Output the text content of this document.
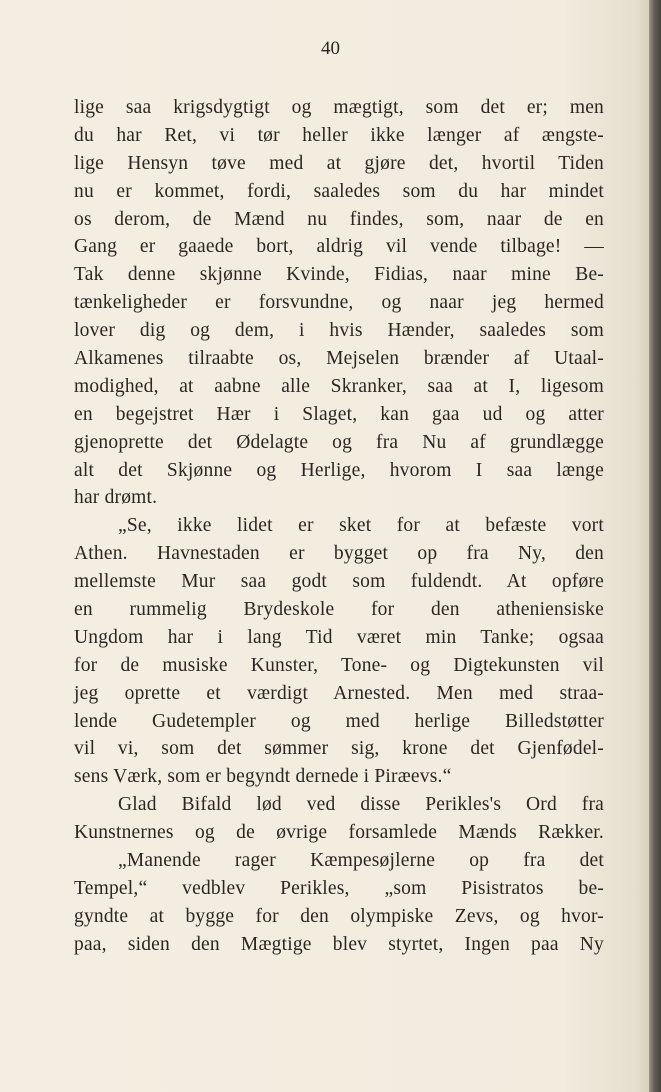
40
lige saa krigsdygtigt og mægtigt, som det er; men
du har Ret, vi tør heller ikke længer af ængste-
lige Hensyn tøve med at gjøre det, hvortil Tiden
nu er kommet, fordi, saaledes som du har mindet
os derom, de Mænd nu findes, som, naar de en
Gang er gaaede bort, aldrig vil vende tilbage! —
Tak denne skjønne Kvinde, Fidias, naar mine Be-
tænkeligheder er forsvundne, og naar jeg hermed
lover dig og dem, i hvis Hænder, saaledes som
Alkamenes tilraabte os, Mejselen brænder af Utaal-
modighed, at aabne alle Skranker, saa at I, ligesom
en begejstret Hær i Slaget, kan gaa ud og atter
gjenoprette det Ødelagte og fra Nu af grundlægge
alt det Skjønne og Herlige, hvorom I saa længe
har drømt.
„Se, ikke lidet er sket for at befæste vort
Athen. Havnestaden er bygget op fra Ny, den
mellemste Mur saa godt som fuldendt. At opføre
en rummelig Brydeskole for den atheniensiske
Ungdom har i lang Tid været min Tanke; ogsaa
for de musiske Kunster, Tone- og Digtekunsten vil
jeg oprette et værdigt Arnested. Men med straa-
lende Gudetempler og med herlige Billedstøtter
vil vi, som det sømmer sig, krone det Gjenfødel-
sens Værk, som er begyndt dernede i Piræevs.“
Glad Bifald lød ved disse Perikles's Ord fra
Kunstnernes og de øvrige forsamlede Mænds Rækker.
„Manende rager Kæmpesøjlerne op fra det
Tempel,“ vedblev Perikles, „som Pisistratos be-
gyndte at bygge for den olympiske Zevs, og hvor-
paa, siden den Mægtige blev styrtet, Ingen paa Ny
